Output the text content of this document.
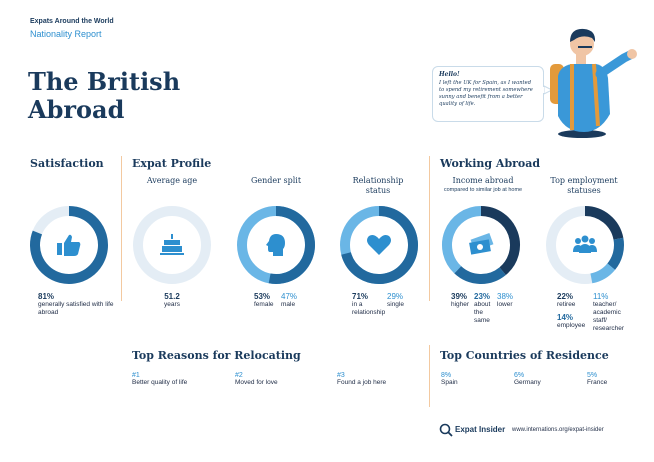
Expats Around the World
Nationality Report
The British
Abroad
Hello!
I left the UK for Spain, as I wanted to spend my retirement somewhere sunny and benefit from a better quality of life.
Satisfaction	Expat Profile	Working Abroad
Average age	Gender split	Relationship status
Income abroad
compared to similar job at home
Top employment statuses
81%
generally satisfied with life abroad
51.2
years
53%
female
47%
male
71%
in a relationship
29%
single
39%
higher
23%
about the same
38%
lower
22%
retiree
14%
employee
11%
teacher/ academic staff/ researcher
Top Reasons for Relocating
#1
Better quality of life
#2
Moved for love
#3
Found a job here
Top Countries of Residence
8%
Spain
6%
Germany
5%
France
Expat Insider www.internations.org/expat-insider
